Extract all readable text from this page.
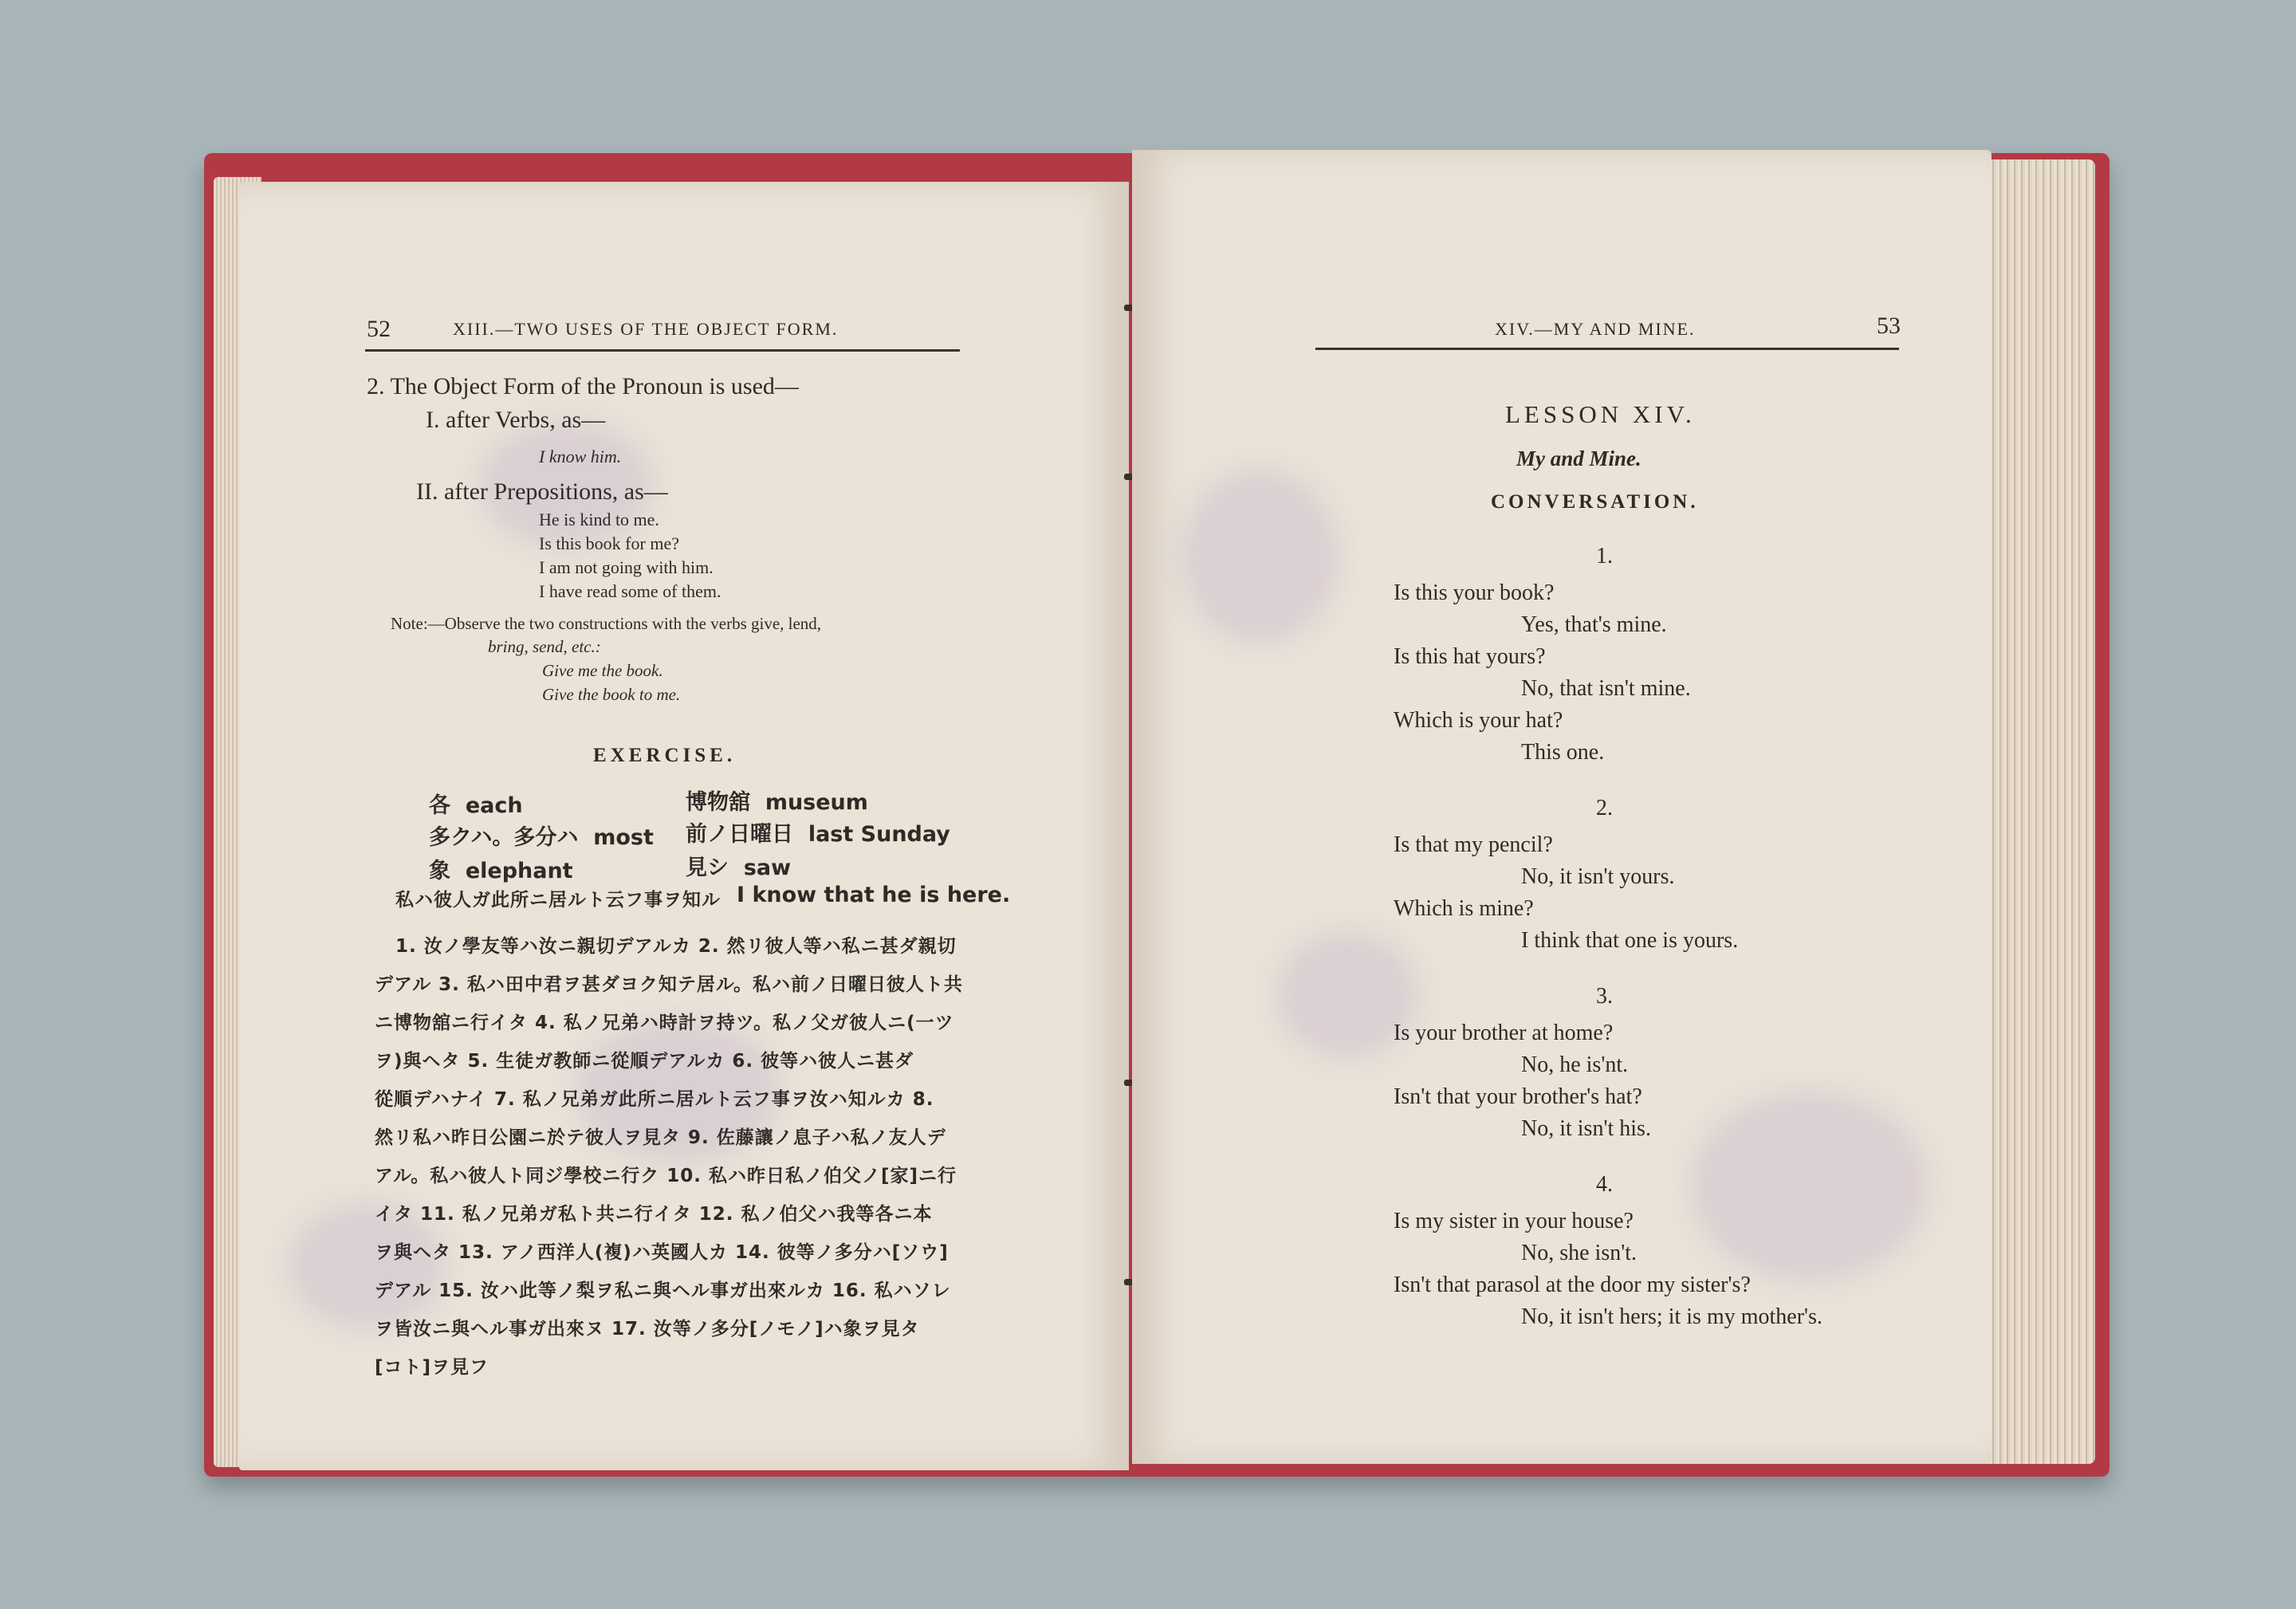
52	XIII.—TWO USES OF THE OBJECT FORM.
2. The Object Form of the Pronoun is used—
I. after Verbs, as—
I know him.
II. after Prepositions, as—
He is kind to me.
Is this book for me?
I am not going with him.
I have read some of them.
Note:—Observe the two constructions with the verbs give, lend,
bring, send, etc.:
Give me the book.
Give the book to me.
EXERCISE.
各 each	博物舘 museum
多クハ。多分ハ most 前ノ日曜日 last Sunday
象 elephant	見シ saw
私ハ彼人ガ此所ニ居ルト云フ事ヲ知ル I know that he is here.
1. 汝ノ學友等ハ汝ニ親切デアルカ 2. 然リ彼人等ハ私ニ甚ダ親切
デアル 3. 私ハ田中君ヲ甚ダヨク知テ居ル。私ハ前ノ日曜日彼人ト共
ニ博物舘ニ行イタ 4. 私ノ兄弟ハ時計ヲ持ツ。私ノ父ガ彼人ニ(一ツ
ヲ)與ヘタ 5. 生徒ガ教師ニ從順デアルカ 6. 彼等ハ彼人ニ甚ダ
從順デハナイ 7. 私ノ兄弟ガ此所ニ居ルト云フ事ヲ汝ハ知ルカ 8.
然リ私ハ昨日公園ニ於テ彼人ヲ見タ 9. 佐藤讓ノ息子ハ私ノ友人デ
アル。私ハ彼人ト同ジ學校ニ行ク 10. 私ハ昨日私ノ伯父ノ[家]ニ行
イタ 11. 私ノ兄弟ガ私ト共ニ行イタ 12. 私ノ伯父ハ我等各ニ本
ヲ與ヘタ 13. アノ西洋人(複)ハ英國人カ 14. 彼等ノ多分ハ[ソウ]
デアル 15. 汝ハ此等ノ梨ヲ私ニ與ヘル事ガ出來ルカ 16. 私ハソレ
ヲ皆汝ニ與ヘル事ガ出來ヌ 17. 汝等ノ多分[ノモノ]ハ象ヲ見タ
[コト]ヲ見フ
XIV.—MY AND MINE.	53
LESSON XIV.
My and Mine.
CONVERSATION.
1.
Is this your book?
Yes, that's mine.
Is this hat yours?
No, that isn't mine.
Which is your hat?
This one.
2.
Is that my pencil?
No, it isn't yours.
Which is mine?
I think that one is yours.
3.
Is your brother at home?
No, he is'nt.
Isn't that your brother's hat?
No, it isn't his.
4.
Is my sister in your house?
No, she isn't.
Isn't that parasol at the door my sister's?
No, it isn't hers; it is my mother's.
